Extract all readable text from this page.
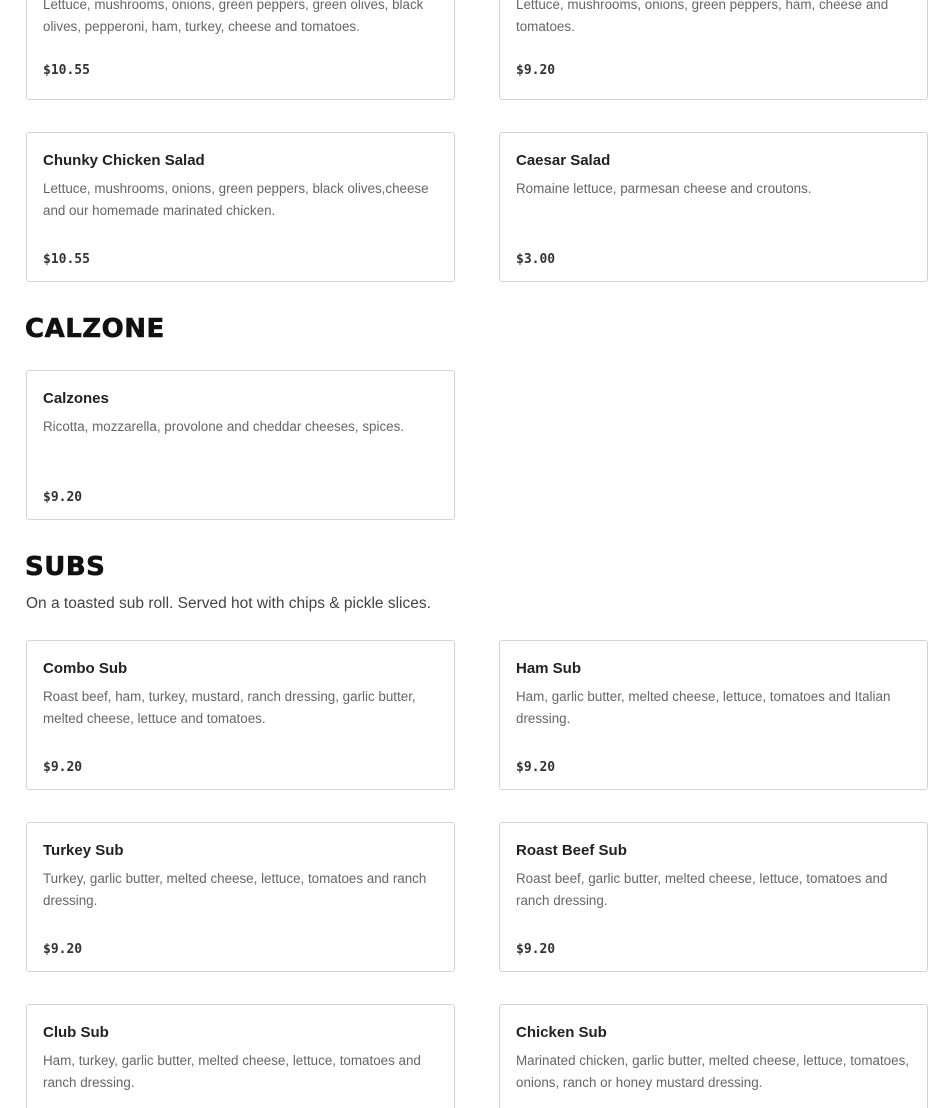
Lettuce, mushrooms, onions, green peppers, green olives, black olives, pepperoni, ham, turkey, cheese and tomatoes.
$10.55
Lettuce, mushrooms, onions, green peppers, ham, cheese and tomatoes.
$9.20
Chunky Chicken Salad
Lettuce, mushrooms, onions, green peppers, black olives,cheese and our homemade marinated chicken.
$10.55
Caesar Salad
Romaine lettuce, parmesan cheese and croutons.
$3.00
CALZONE
Calzones
Ricotta, mozzarella, provolone and cheddar cheeses, spices.
$9.20
SUBS
On a toasted sub roll. Served hot with chips & pickle slices.
Combo Sub
Roast beef, ham, turkey, mustard, ranch dressing, garlic butter, melted cheese, lettuce and tomatoes.
$9.20
Ham Sub
Ham, garlic butter, melted cheese, lettuce, tomatoes and Italian dressing.
$9.20
Turkey Sub
Turkey, garlic butter, melted cheese, lettuce, tomatoes and ranch dressing.
$9.20
Roast Beef Sub
Roast beef, garlic butter, melted cheese, lettuce, tomatoes and ranch dressing.
$9.20
Club Sub
Ham, turkey, garlic butter, melted cheese, lettuce, tomatoes and ranch dressing.
Chicken Sub
Marinated chicken, garlic butter, melted cheese, lettuce, tomatoes, onions, ranch or honey mustard dressing.
